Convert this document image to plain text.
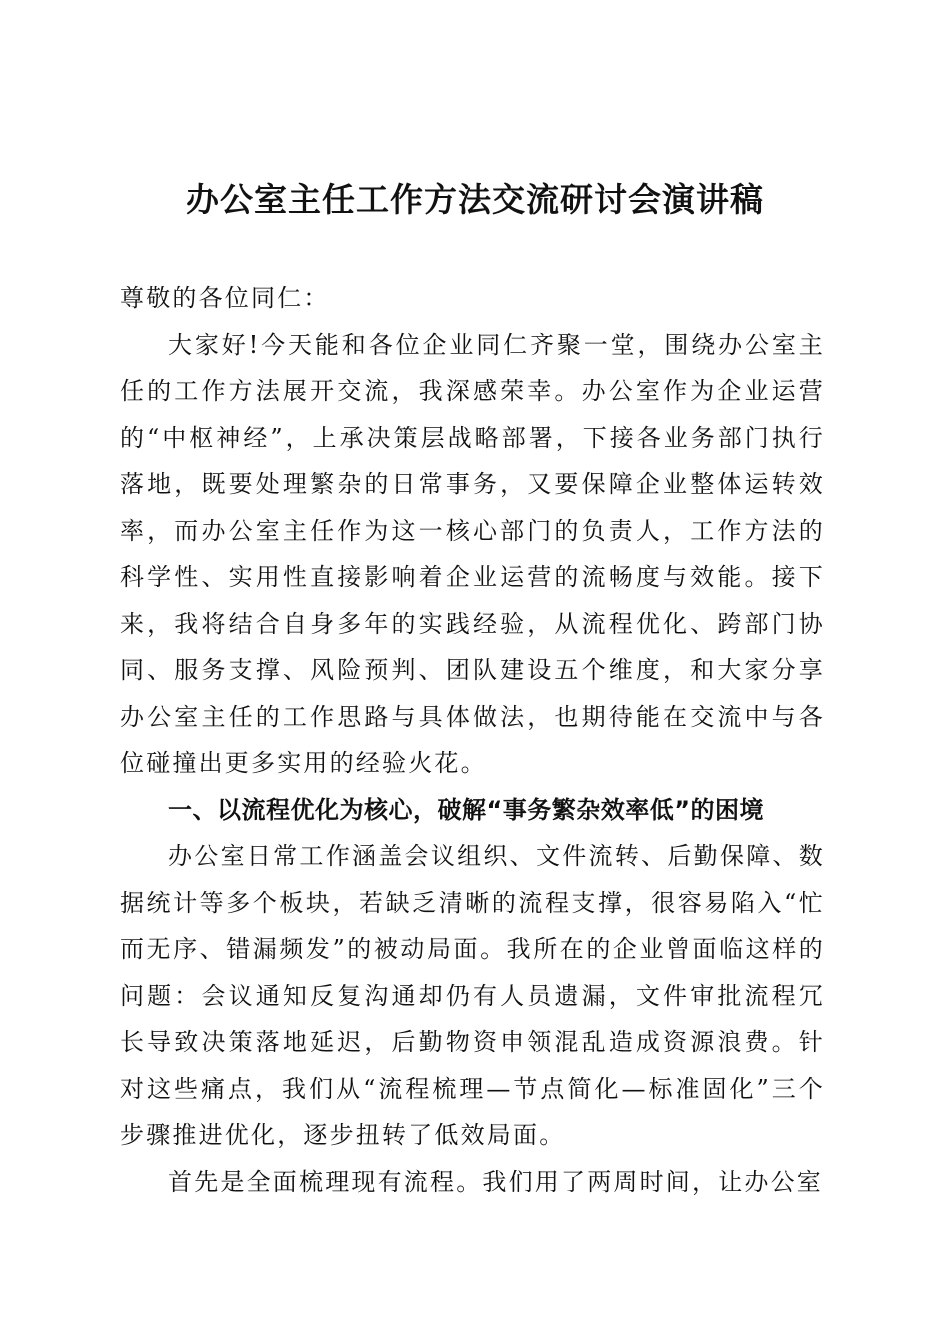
办公室主任工作方法交流研讨会演讲稿

尊敬的各位同仁：

大家好!今天能和各位企业同仁齐聚一堂，围绕办公室主任的工作方法展开交流，我深感荣幸。办公室作为企业运营的“中枢神经”，上承决策层战略部署，下接各业务部门执行落地，既要处理繁杂的日常事务，又要保障企业整体运转效率，而办公室主任作为这一核心部门的负责人，工作方法的科学性、实用性直接影响着企业运营的流畅度与效能。接下来，我将结合自身多年的实践经验，从流程优化、跨部门协同、服务支撑、风险预判、团队建设五个维度，和大家分享办公室主任的工作思路与具体做法，也期待能在交流中与各位碰撞出更多实用的经验火花。

一、以流程优化为核心，破解“事务繁杂效率低”的困境

办公室日常工作涵盖会议组织、文件流转、后勤保障、数据统计等多个板块，若缺乏清晰的流程支撑，很容易陷入“忙而无序、错漏频发”的被动局面。我所在的企业曾面临这样的问题：会议通知反复沟通却仍有人员遗漏，文件审批流程冗长导致决策落地延迟，后勤物资申领混乱造成资源浪费。针对这些痛点，我们从“流程梳理—节点简化—标准固化”三个步骤推进优化，逐步扭转了低效局面。

首先是全面梳理现有流程。我们用了两周时间，让办公室
